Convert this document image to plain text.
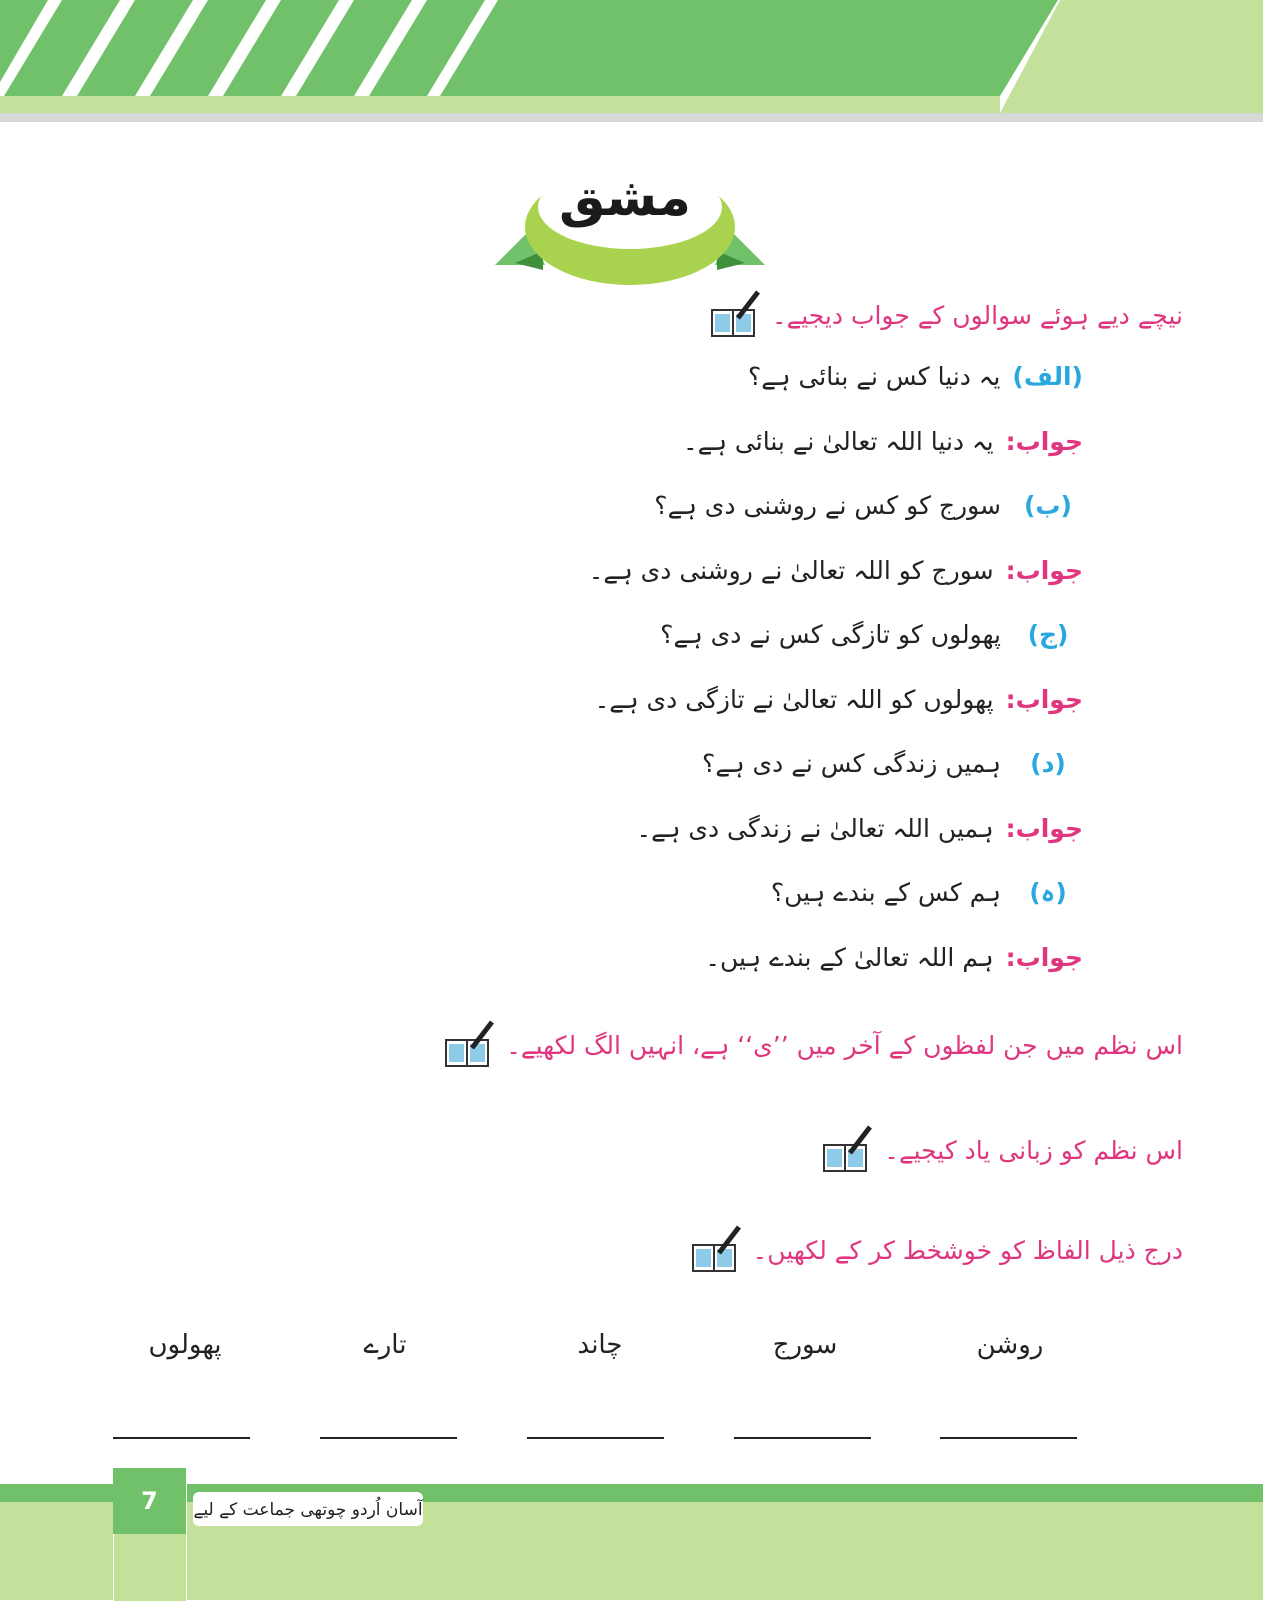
مشق
نیچے دیے ہوئے سوالوں کے جواب دیجیے۔
(الف)
یہ دنیا کس نے بنائی ہے؟
جواب:
یہ دنیا اللہ تعالیٰ نے بنائی ہے۔
(ب)
سورج کو کس نے روشنی دی ہے؟
جواب:
سورج کو اللہ تعالیٰ نے روشنی دی ہے۔
(ج)
پھولوں کو تازگی کس نے دی ہے؟
جواب:
پھولوں کو اللہ تعالیٰ نے تازگی دی ہے۔
(د)
ہمیں زندگی کس نے دی ہے؟
جواب:
ہمیں اللہ تعالیٰ نے زندگی دی ہے۔
(ہ)
ہم کس کے بندے ہیں؟
جواب:
ہم اللہ تعالیٰ کے بندے ہیں۔
اس نظم میں جن لفظوں کے آخر میں ’’ی‘‘ ہے، انہیں الگ لکھیے۔
اس نظم کو زبانی یاد کیجیے۔
درج ذیل الفاظ کو خوشخط کر کے لکھیں۔
روشن
سورج
چاند
تارے
پھولوں
7	آسان اُردو چوتھی جماعت کے لیے
